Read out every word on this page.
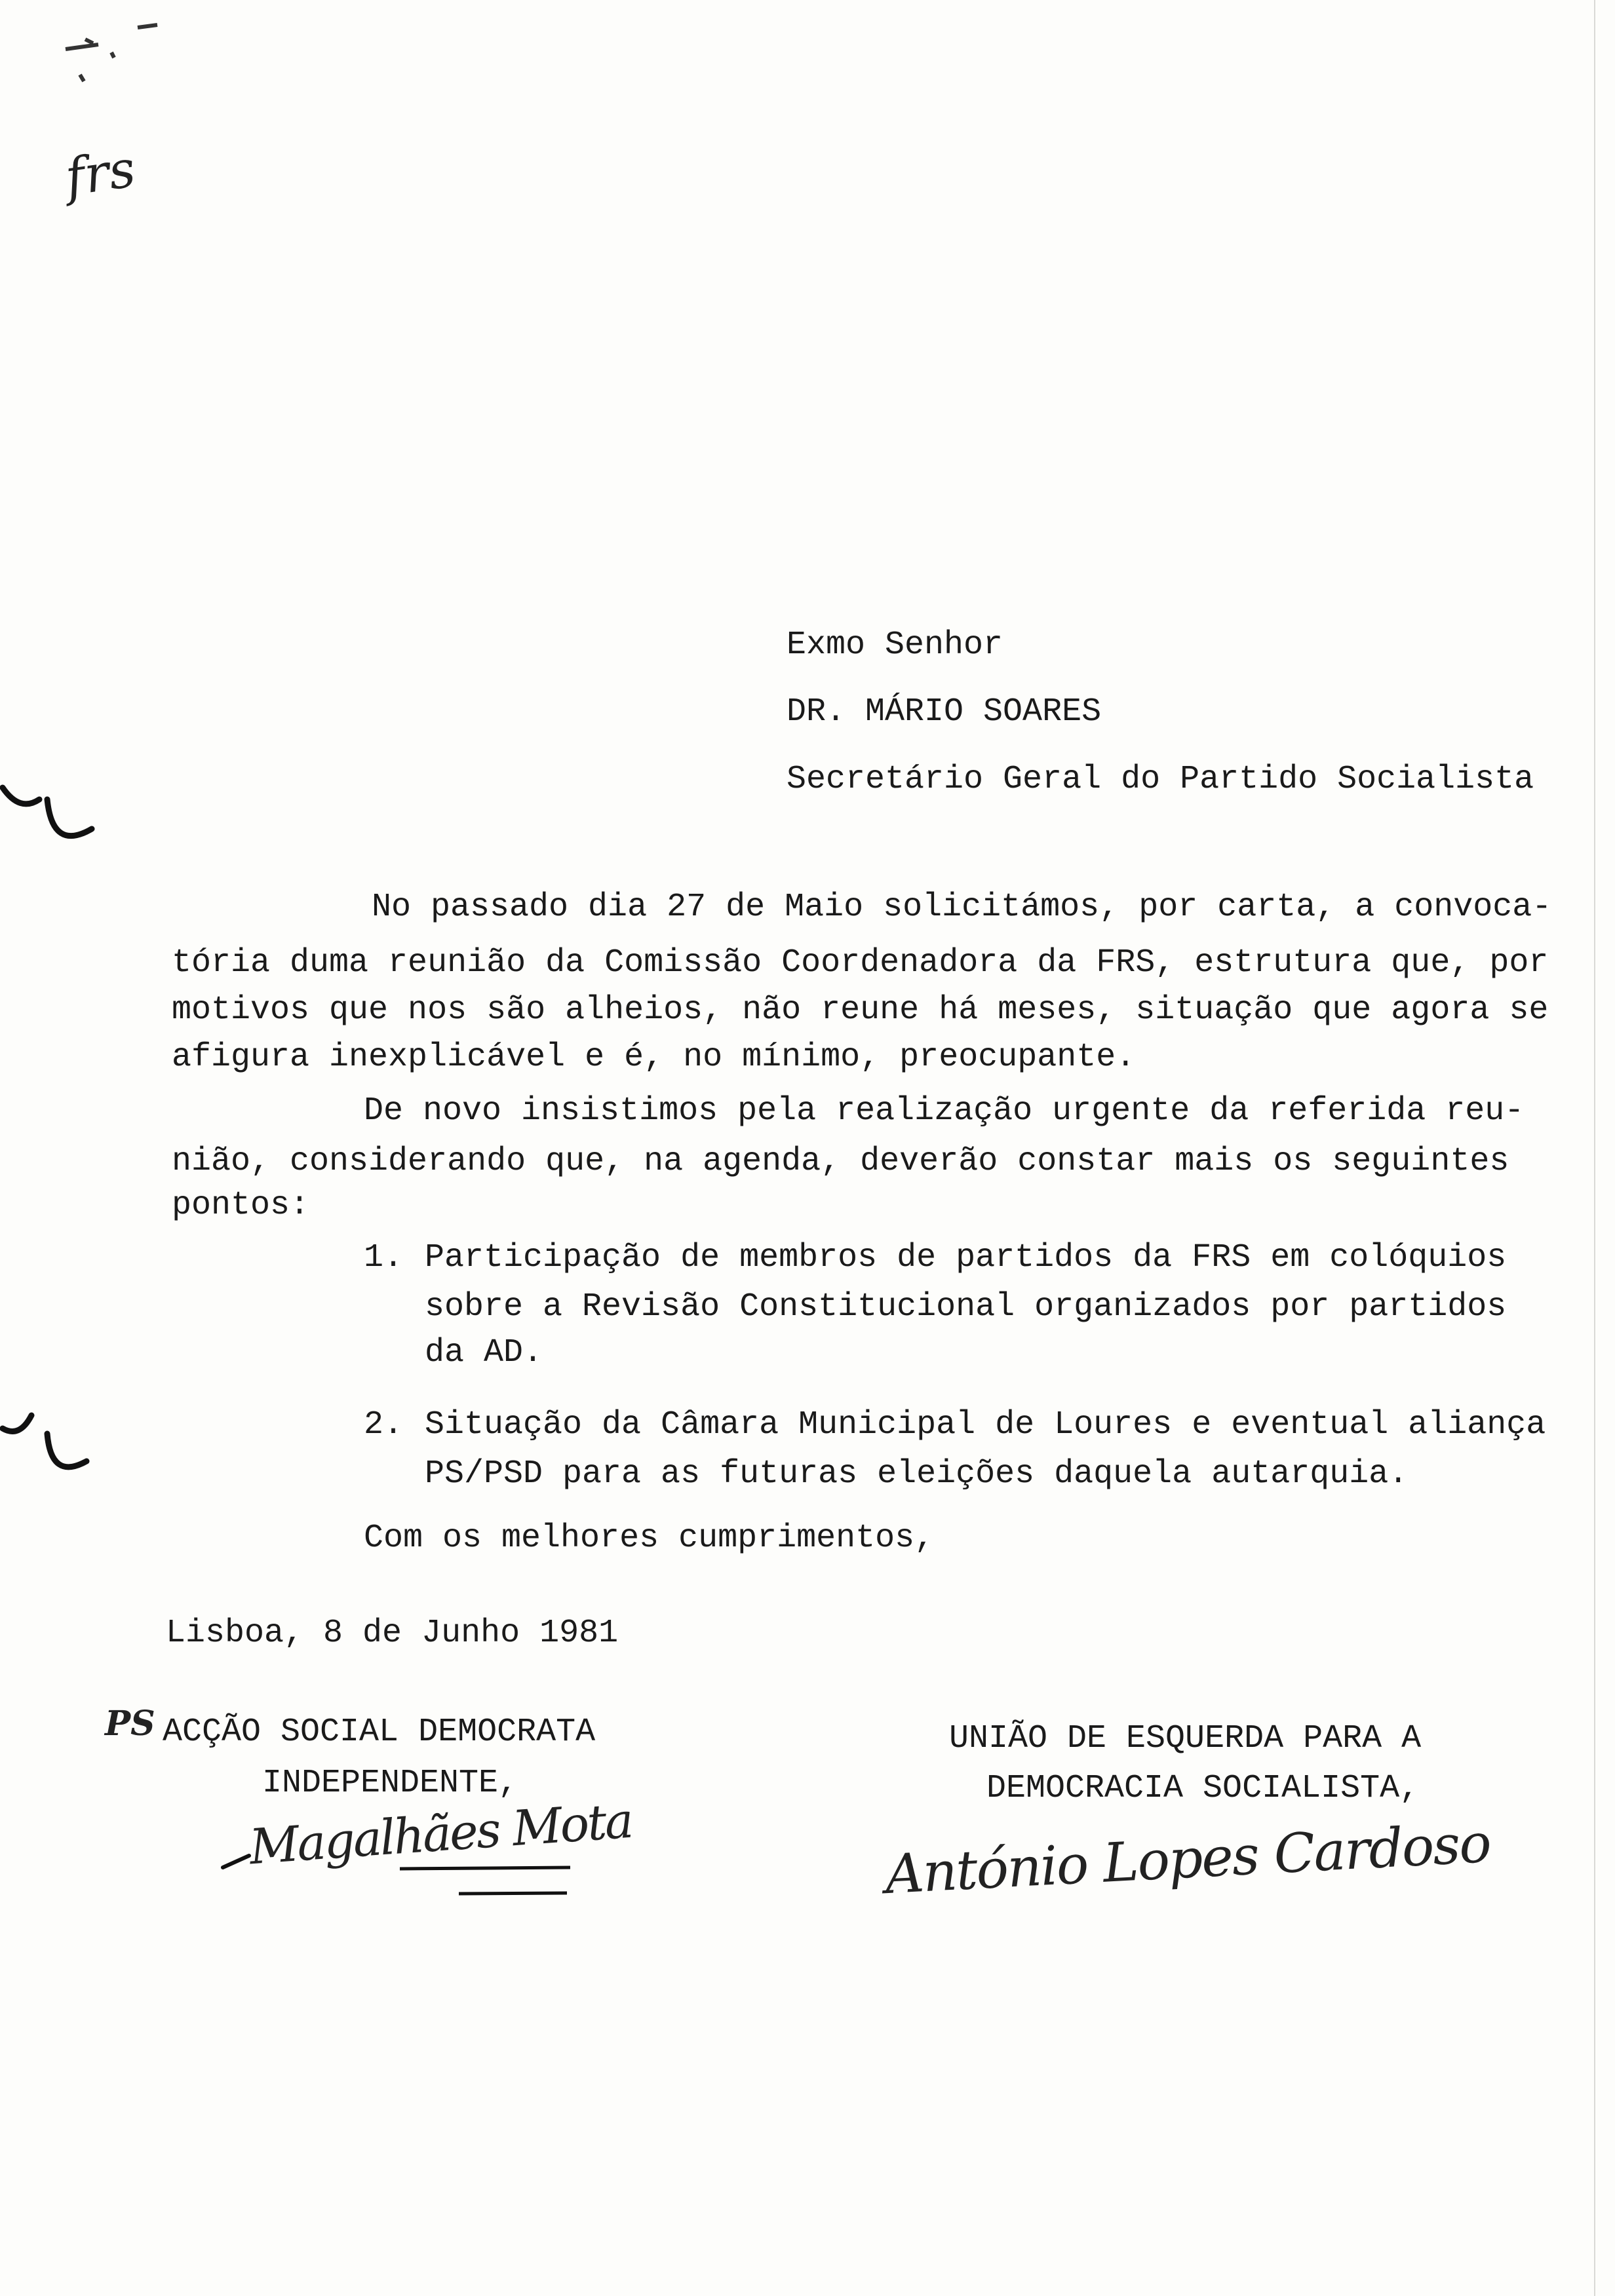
frs
Exmo Senhor
DR. MÁRIO SOARES
Secretário Geral do Partido Socialista
No passado dia 27 de Maio solicitámos, por carta, a convoca-
tória duma reunião da Comissão Coordenadora da FRS, estrutura que, por
motivos que nos são alheios, não reune há meses, situação que agora se
afigura inexplicável e é, no mínimo, preocupante.
De novo insistimos pela realização urgente da referida reu-
nião, considerando que, na agenda, deverão constar mais os seguintes
pontos:
1. Participação de membros de partidos da FRS em colóquios
sobre a Revisão Constitucional organizados por partidos
da AD.
2. Situação da Câmara Municipal de Loures e eventual aliança
PS/PSD para as futuras eleições daquela autarquia.
Com os melhores cumprimentos,
Lisboa, 8 de Junho 1981
PS ACÇÃO SOCIAL DEMOCRATA
INDEPENDENTE,
Magalhães Mota
UNIÃO DE ESQUERDA PARA A
DEMOCRACIA SOCIALISTA,
António Lopes Cardoso
